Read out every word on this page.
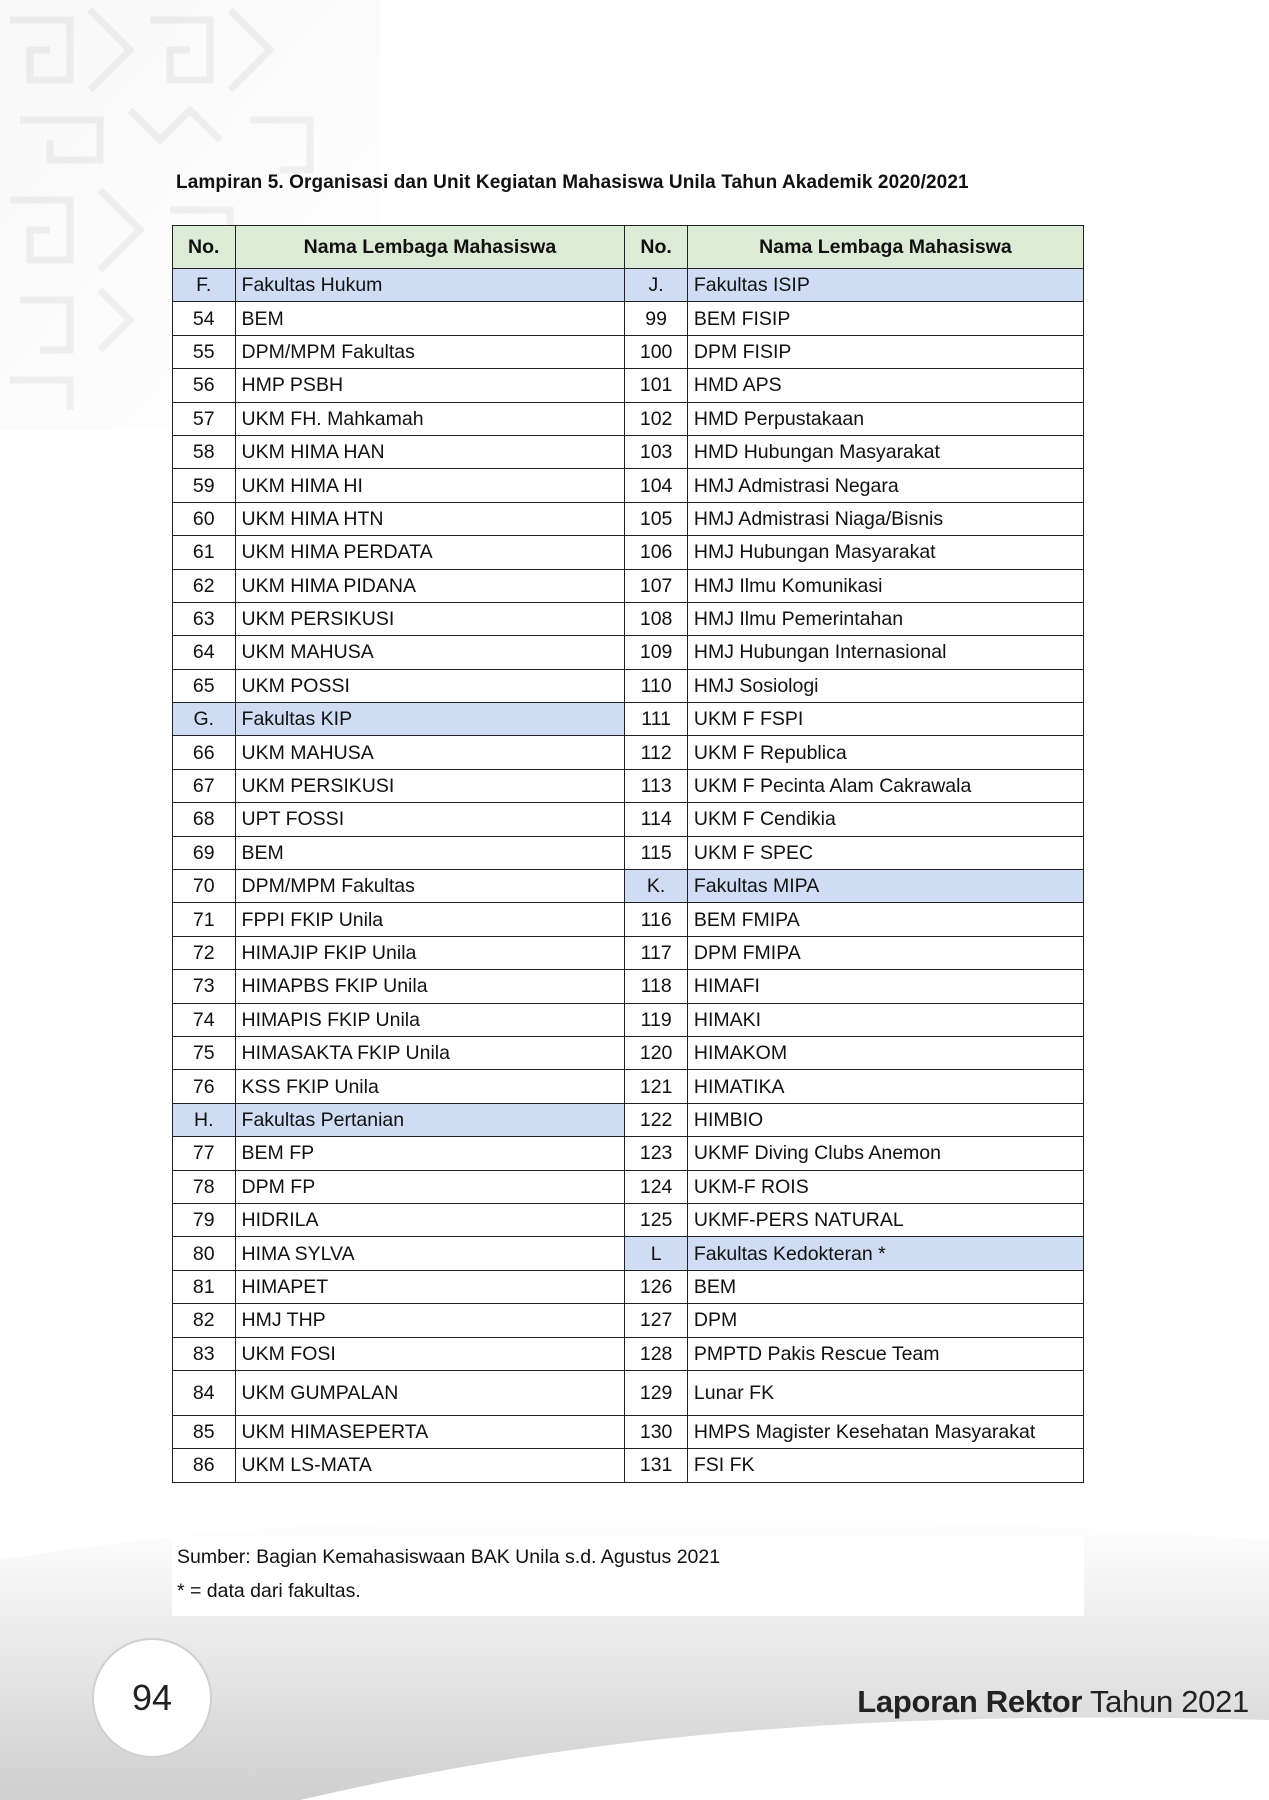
Lampiran 5. Organisasi dan Unit Kegiatan Mahasiswa Unila Tahun Akademik 2020/2021
No.	Nama Lembaga Mahasiswa	No.	Nama Lembaga Mahasiswa
F.	Fakultas Hukum	J.	Fakultas ISIP
54	BEM	99	BEM FISIP
55	DPM/MPM Fakultas	100	DPM FISIP
56	HMP PSBH	101	HMD APS
57	UKM FH. Mahkamah	102	HMD Perpustakaan
58	UKM HIMA HAN	103	HMD Hubungan Masyarakat
59	UKM HIMA HI	104	HMJ Admistrasi Negara
60	UKM HIMA HTN	105	HMJ Admistrasi Niaga/Bisnis
61	UKM HIMA PERDATA	106	HMJ Hubungan Masyarakat
62	UKM HIMA PIDANA	107	HMJ Ilmu Komunikasi
63	UKM PERSIKUSI	108	HMJ Ilmu Pemerintahan
64	UKM MAHUSA	109	HMJ Hubungan Internasional
65	UKM POSSI	110	HMJ Sosiologi
G.	Fakultas KIP	111	UKM F FSPI
66	UKM MAHUSA	112	UKM F Republica
67	UKM PERSIKUSI	113	UKM F Pecinta Alam Cakrawala
68	UPT FOSSI	114	UKM F Cendikia
69	BEM	115	UKM F SPEC
70	DPM/MPM Fakultas	K.	Fakultas MIPA
71	FPPI FKIP Unila	116	BEM FMIPA
72	HIMAJIP FKIP Unila	117	DPM FMIPA
73	HIMAPBS FKIP Unila	118	HIMAFI
74	HIMAPIS FKIP Unila	119	HIMAKI
75	HIMASAKTA FKIP Unila	120	HIMAKOM
76	KSS FKIP Unila	121	HIMATIKA
H.	Fakultas Pertanian	122	HIMBIO
77	BEM FP	123	UKMF Diving Clubs Anemon
78	DPM FP	124	UKM-F ROIS
79	HIDRILA	125	UKMF-PERS NATURAL
80	HIMA SYLVA	L	Fakultas Kedokteran *
81	HIMAPET	126	BEM
82	HMJ THP	127	DPM
83	UKM FOSI	128	PMPTD Pakis Rescue Team
84	UKM GUMPALAN	129	Lunar FK
85	UKM HIMASEPERTA	130	HMPS Magister Kesehatan Masyarakat
86	UKM LS-MATA	131	FSI FK
Sumber: Bagian Kemahasiswaan BAK Unila s.d. Agustus 2021
* = data dari fakultas.
94	Laporan Rektor Tahun 2021
